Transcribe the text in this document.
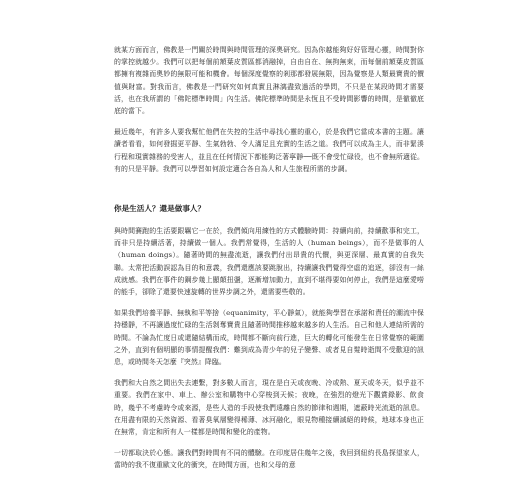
就某方面而言，佛教是一門關於時間與時間管理的深奧研究。因為你越能夠好好管理心靈，時間對你的掌控就越少。我們可以把每個前額葉皮質區都消融掉，自由自在、無拘無束，而每個前額葉皮質區都擁有複雜而奧妙的無限可能和機會。每個深度覺察的剎那都發展無限，因為覺察是人類最寶貴的價值與財富。對我而言，佛教是一門研究如何真實且淋漓盡致過活的學問，不只是在某段時間才需要活，也在我所謂的「佛陀標準時間」內生活。佛陀標準時間是永恆且不受時間影響的時間，是徹徹底底的當下。

最近幾年，有許多人要我幫忙他們在失控的生活中尋找心靈的重心，於是我們它當成本書的主題。讓讀者看看，如何發掘更平靜、生氣勃勃、令人滿足且充實的生活之道。我們可以成為主人，而非緊湊行程和現實雜務的受害人，並且在任何情況下都能夠泛著寧靜──既不會受忙碌役，也不會無所適從。有的只是平靜。我們可以學習如何設定適合各自為人和人生旅程所需的步調。

你是生活人？還是做事人？

與時間賽跑的生活要跟羈它一在於，我們傾向用練性的方式體驗時間：持續向前，持續歡事和完工，而非只是持續活著，持續做一個人。我們常覺得，生活的人（human beings），而不是做事的人（human doings）。隨著時間的無盡流逝，讓我們付出昂貴的代價，與更深層、最真實的自我失聯。太常把活動誤認為目的和意義，我們還應該要跳脫出，持續讓我們覺得空虛的追逐，卻沒有一絲成就感。我們在事件的鋼步幾上顯顛扭盪，逐漸增加動力，直到不堪得要如何停止，我們是這麼愛嘮的能手，卻除了還要快速旋轉的世界步調之外，還需要些敬的。

如果我們培養平靜、無執和平等捨（equanimity，平心靜氣），就能夠學習在承諾和責任的潮流中保持穩靜，不再讓過度忙碌的生活剝奪寶貴且隨著時間推移越來越多的人生活。自己和他人連結所需的時間。不論為忙度日或還隨結構而成，時間都不斷向前行進，巨大的轉化可能發生在日常覺察的範圍之外，直到有個明顯的事情提醒我們：難到成為青少年的兒子變聲、或者見自髮時逝間不受歡迎的訊息，或時間冬天怎麼『突然』降臨。

我們和大自然之間出失去連繫，對多數人而言，現在是白天或夜晚、冷或熱、夏天或冬天，似乎並不重要。我們在家中、車上、辦公室和購物中心穿梭到天候；夜晚，在強烈的燈光下觀賞錄影、飲食時，幾乎不考慮時令或來源，是些人造的手段使我們遠離自然的節律和週期，遮蔽時光流逝的訊息。在用盡有限的天然資源、看著臭氧層變得稀薄、冰河融化，眼見物種接續滅絕的時候，地球本身也正在無常，肯定和所有人一樣都是時間和變化的產物。

一切都取決於心態。讓我們對時間有不同的體驗。在印度居住幾年之後，我回到紐約長島探望家人，當時的我不復重歐文化的衝突，在時間方面，也和父母的意
